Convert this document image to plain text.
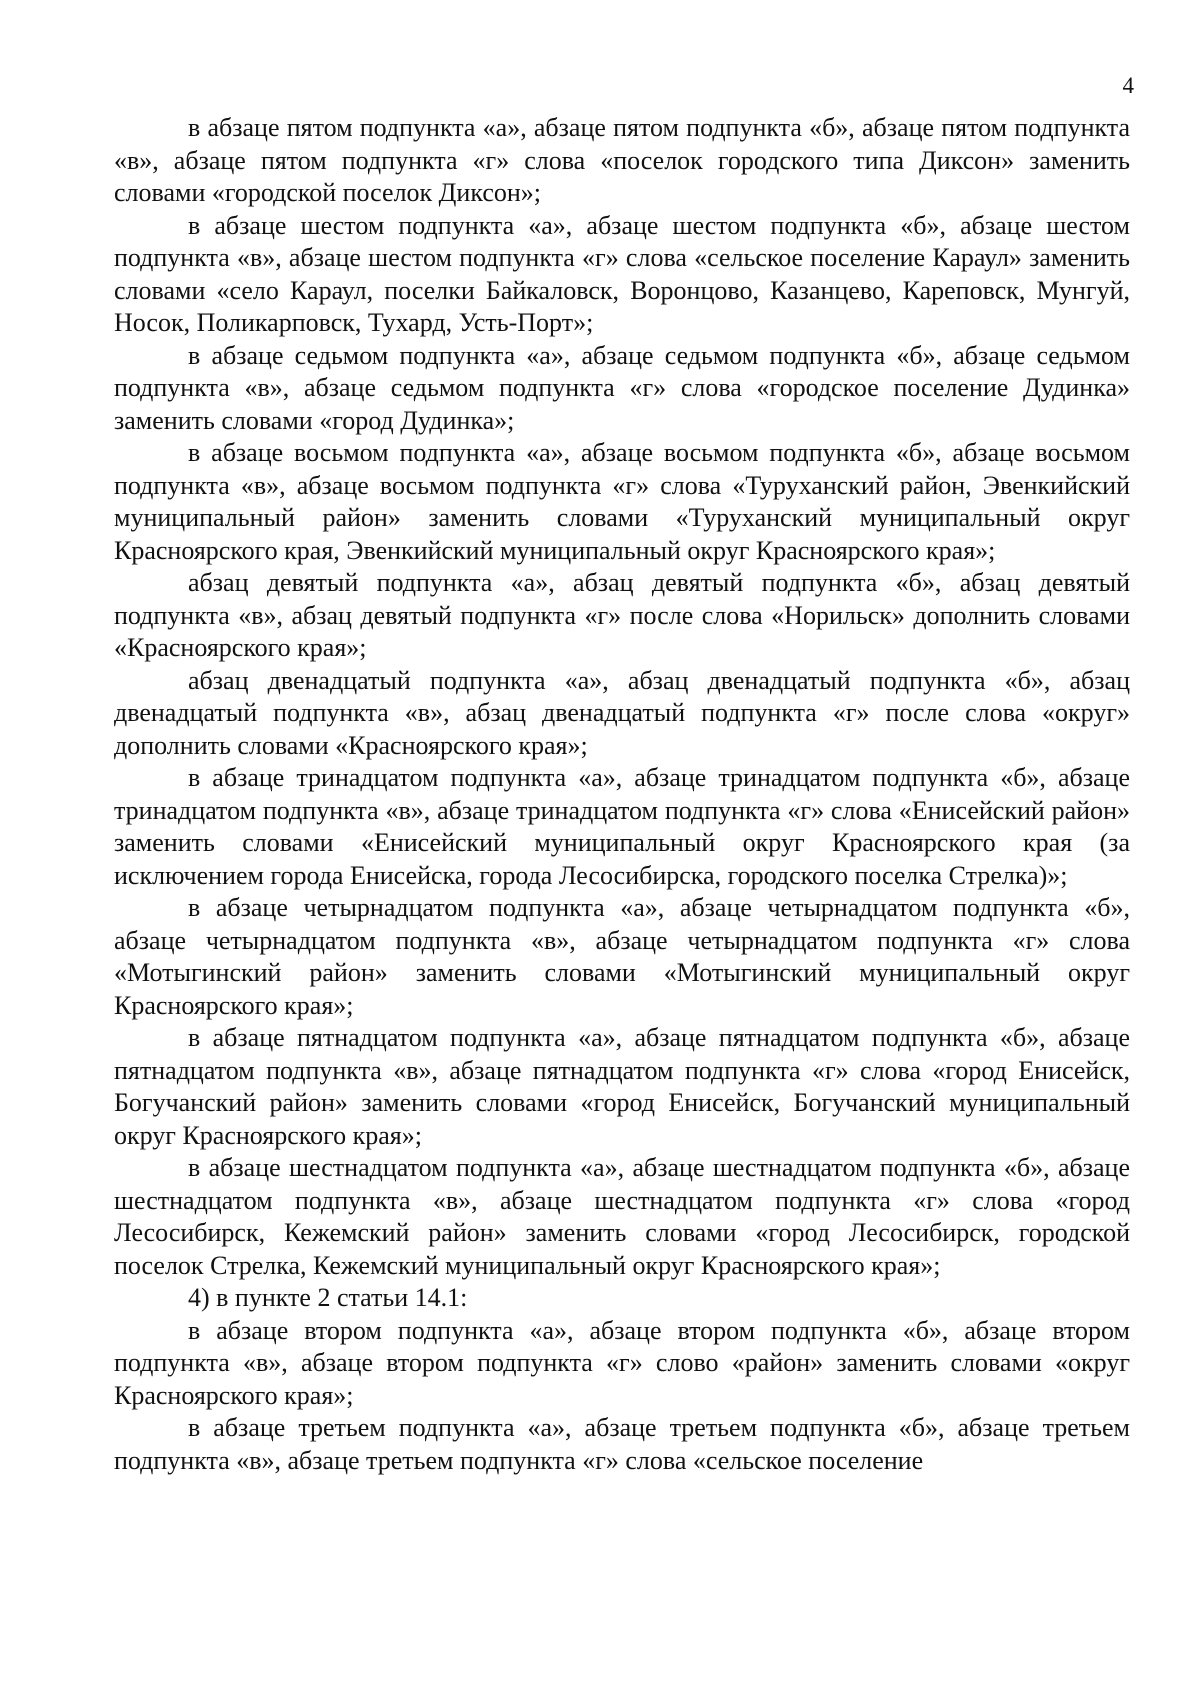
4

в абзаце пятом подпункта «а», абзаце пятом подпункта «б», абзаце пятом подпункта «в», абзаце пятом подпункта «г» слова «поселок городского типа Диксон» заменить словами «городской поселок Диксон»;

в абзаце шестом подпункта «а», абзаце шестом подпункта «б», абзаце шестом подпункта «в», абзаце шестом подпункта «г» слова «сельское поселение Караул» заменить словами «село Караул, поселки Байкаловск, Воронцово, Казанцево, Кареповск, Мунгуй, Носок, Поликарповск, Тухард, Усть-Порт»;

в абзаце седьмом подпункта «а», абзаце седьмом подпункта «б», абзаце седьмом подпункта «в», абзаце седьмом подпункта «г» слова «городское поселение Дудинка» заменить словами «город Дудинка»;

в абзаце восьмом подпункта «а», абзаце восьмом подпункта «б», абзаце восьмом подпункта «в», абзаце восьмом подпункта «г» слова «Туруханский район, Эвенкийский муниципальный район» заменить словами «Туруханский муниципальный округ Красноярского края, Эвенкийский муниципальный округ Красноярского края»;

абзац девятый подпункта «а», абзац девятый подпункта «б», абзац девятый подпункта «в», абзац девятый подпункта «г» после слова «Норильск» дополнить словами «Красноярского края»;

абзац двенадцатый подпункта «а», абзац двенадцатый подпункта «б», абзац двенадцатый подпункта «в», абзац двенадцатый подпункта «г» после слова «округ» дополнить словами «Красноярского края»;

в абзаце тринадцатом подпункта «а», абзаце тринадцатом подпункта «б», абзаце тринадцатом подпункта «в», абзаце тринадцатом подпункта «г» слова «Енисейский район» заменить словами «Енисейский муниципальный округ Красноярского края (за исключением города Енисейска, города Лесосибирска, городского поселка Стрелка)»;

в абзаце четырнадцатом подпункта «а», абзаце четырнадцатом подпункта «б», абзаце четырнадцатом подпункта «в», абзаце четырнадцатом подпункта «г» слова «Мотыгинский район» заменить словами «Мотыгинский муниципальный округ Красноярского края»;

в абзаце пятнадцатом подпункта «а», абзаце пятнадцатом подпункта «б», абзаце пятнадцатом подпункта «в», абзаце пятнадцатом подпункта «г» слова «город Енисейск, Богучанский район» заменить словами «город Енисейск, Богучанский муниципальный округ Красноярского края»;

в абзаце шестнадцатом подпункта «а», абзаце шестнадцатом подпункта «б», абзаце шестнадцатом подпункта «в», абзаце шестнадцатом подпункта «г» слова «город Лесосибирск, Кежемский район» заменить словами «город Лесосибирск, городской поселок Стрелка, Кежемский муниципальный округ Красноярского края»;

4) в пункте 2 статьи 14.1:

в абзаце втором подпункта «а», абзаце втором подпункта «б», абзаце втором подпункта «в», абзаце втором подпункта «г» слово «район» заменить словами «округ Красноярского края»;

в абзаце третьем подпункта «а», абзаце третьем подпункта «б», абзаце третьем подпункта «в», абзаце третьем подпункта «г» слова «сельское поселение
